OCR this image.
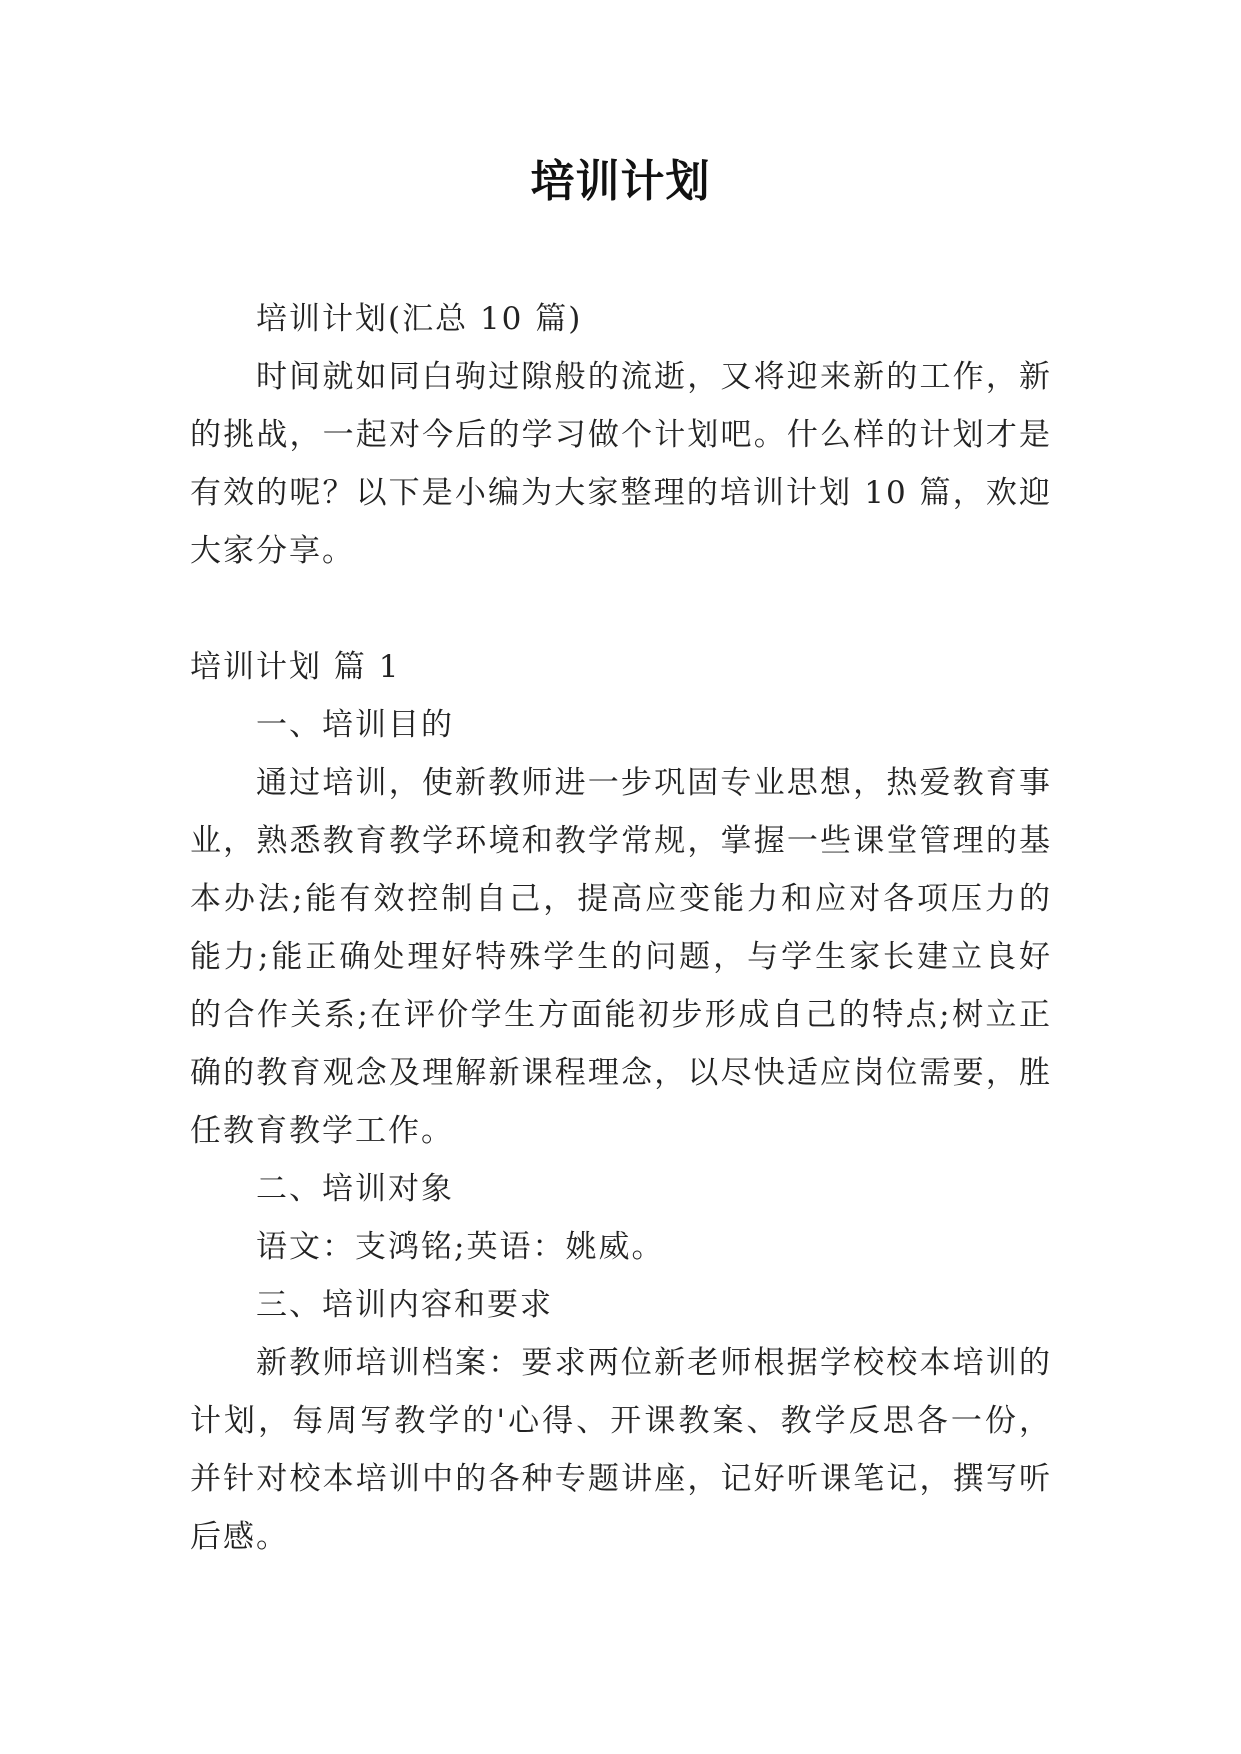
培训计划

培训计划(汇总 10 篇)

时间就如同白驹过隙般的流逝，又将迎来新的工作，新的挑战，一起对今后的学习做个计划吧。什么样的计划才是有效的呢？以下是小编为大家整理的培训计划 10 篇，欢迎大家分享。

培训计划 篇 1

一、培训目的

通过培训，使新教师进一步巩固专业思想，热爱教育事业，熟悉教育教学环境和教学常规，掌握一些课堂管理的基本办法;能有效控制自己，提高应变能力和应对各项压力的能力;能正确处理好特殊学生的问题，与学生家长建立良好的合作关系;在评价学生方面能初步形成自己的特点;树立正确的教育观念及理解新课程理念，以尽快适应岗位需要，胜任教育教学工作。

二、培训对象

语文：支鸿铭;英语：姚威。

三、培训内容和要求

新教师培训档案：要求两位新老师根据学校校本培训的计划，每周写教学的'心得、开课教案、教学反思各一份，并针对校本培训中的各种专题讲座，记好听课笔记，撰写听后感。
